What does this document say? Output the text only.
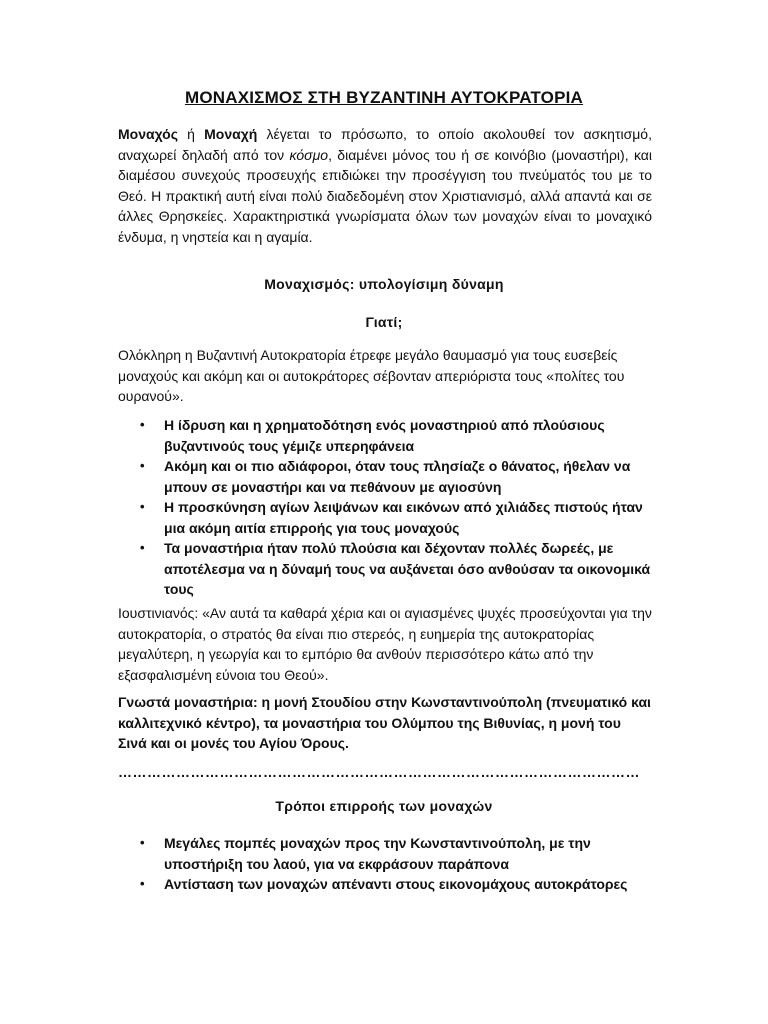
ΜΟΝΑΧΙΣΜΟΣ ΣΤΗ ΒΥΖΑΝΤΙΝΗ ΑΥΤΟΚΡΑΤΟΡΙΑ
Μοναχός ή Μοναχή λέγεται το πρόσωπο, το οποίο ακολουθεί τον ασκητισμό, αναχωρεί δηλαδή από τον κόσμο, διαμένει μόνος του ή σε κοινόβιο (μοναστήρι), και διαμέσου συνεχούς προσευχής επιδιώκει την προσέγγιση του πνεύματός του με το Θεό. Η πρακτική αυτή είναι πολύ διαδεδομένη στον Χριστιανισμό, αλλά απαντά και σε άλλες Θρησκείες. Χαρακτηριστικά γνωρίσματα όλων των μοναχών είναι το μοναχικό ένδυμα, η νηστεία και η αγαμία.
Μοναχισμός: υπολογίσιμη δύναμη
Γιατί;
Ολόκληρη η Βυζαντινή Αυτοκρατορία έτρεφε μεγάλο θαυμασμό για τους ευσεβείς μοναχούς και ακόμη και οι αυτοκράτορες σέβονταν απεριόριστα τους «πολίτες του ουρανού».
• Η ίδρυση και η χρηματοδότηση ενός μοναστηριού από πλούσιους βυζαντινούς τους γέμιζε υπερηφάνεια
• Ακόμη και οι πιο αδιάφοροι, όταν τους πλησίαζε ο θάνατος, ήθελαν να μπουν σε μοναστήρι και να πεθάνουν με αγιοσύνη
• Η προσκύνηση αγίων λειψάνων και εικόνων από χιλιάδες πιστούς ήταν μια ακόμη αιτία επιρροής για τους μοναχούς
• Τα μοναστήρια ήταν πολύ πλούσια και δέχονταν πολλές δωρεές, με αποτέλεσμα να η δύναμή τους να αυξάνεται όσο ανθούσαν τα οικονομικά τους
Ιουστινιανός: «Αν αυτά τα καθαρά χέρια και οι αγιασμένες ψυχές προσεύχονται για την αυτοκρατορία, ο στρατός θα είναι πιο στερεός, η ευημερία της αυτοκρατορίας μεγαλύτερη, η γεωργία και το εμπόριο θα ανθούν περισσότερο κάτω από την εξασφαλισμένη εύνοια του Θεού».
Γνωστά μοναστήρια: η μονή Στουδίου στην Κωνσταντινούπολη (πνευματικό και καλλιτεχνικό κέντρο), τα μοναστήρια του Ολύμπου της Βιθυνίας, η μονή του Σινά και οι μονές του Αγίου Όρους.
………………………………………………………………………………………………
Τρόποι επιρροής των μοναχών
• Μεγάλες πομπές μοναχών προς την Κωνσταντινούπολη, με την υποστήριξη του λαού, για να εκφράσουν παράπονα
• Αντίσταση των μοναχών απέναντι στους εικονομάχους αυτοκράτορες
